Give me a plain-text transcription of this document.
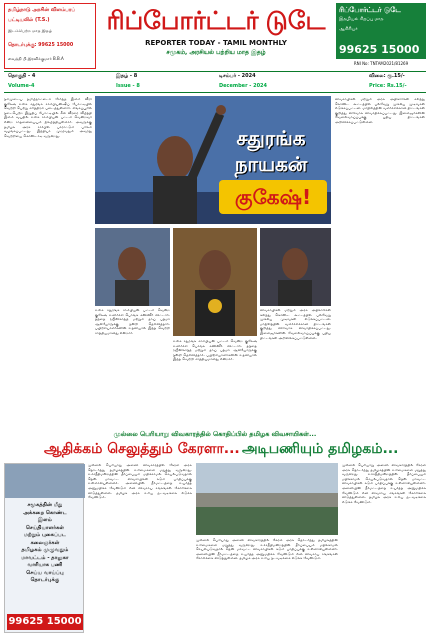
தமிழ்நாடு அரசின் விளம்பரப்
பட்டியலில் (T.S.)
இடம்பெற்ற மாத இதழ்
தொடர்புக்கு: 99625 15000
வைத்தி பி.இரவிக்குமார் B.B.A
ரிப்போர்ட்டர் டுடே
REPORTER TODAY - TAMIL MONTHLY
சமூகம், அரசியல் பற்றிய மாத இதழ்
ரிப்போர்ட்டர் டுடே
இதழியல் சிறப்பு மாத
ஆசிரியர்
99625 15000
RNI No: TNTAM2021/81269
தொகுதி - 4	இதழ் - 8	டிசம்பர் - 2024	விலை: ரூ.15/-
Volume-4	Issue - 8	December - 2024	Price: Rs.15/-
நம்முடைய தமிழ்நாட்டைச் சேர்ந்த இளம் வீரர் குகேஷ் உலக சதுரங்க சாம்பியன்ஷிப் போட்டியில் வெற்றி பெற்று சரித்திரம் படைத்துள்ளார். சிங்கப்பூரில் நடைபெற்ற இறுதிப் போட்டியில் சீன வீரரை வீழ்த்தி இளம் வயதில் உலக சாம்பியன் பட்டம் வென்றவர் என்ற சாதனையையும் நிகழ்த்தியுள்ளார். அவருக்கு தமிழக அரசு சார்பில் பாராட்டும் பரிசும் வழங்கப்பட்டது. இந்தியா முழுவதும் அவரது வெற்றியை கொண்டாடி வருகிறது.	சதுரங்க
நாயகன்
குகேஷ்!
விவசாயிகள் மற்றும் அரசு அதிகாரிகள் கலந்து கொண்ட கூட்டத்தில் பல்வேறு முக்கிய முடிவுகள் எடுக்கப்பட்டன. மாநிலத்தின் வளர்ச்சிக்கான திட்டங்கள் குறித்து விரிவாக விவாதிக்கப்பட்டது. இளைஞர்களின் வேலைவாய்ப்புக்கு புதிய திட்டங்கள் அறிவிக்கப்பட்டுள்ளன.
உலக சதுரங்க சாம்பியன் பட்டம் வென்ற குகேஷ் உணர்ச்சி பொங்க கண்ணீர் விட்டார். தந்தை ரஜினிகாந்த் மற்றும் தாய் பத்மா ஆகியோருக்கு நன்றி தெரிவித்தார். பயிற்சியாளர்களின் உதவியால் இந்த வெற்றி சாத்தியமானது என்றார்.
உலக சதுரங்க சாம்பியன் பட்டம் வென்ற குகேஷ் உணர்ச்சி பொங்க கண்ணீர் விட்டார். தந்தை ரஜினிகாந்த் மற்றும் தாய் பத்மா ஆகியோருக்கு நன்றி தெரிவித்தார். பயிற்சியாளர்களின் உதவியால் இந்த வெற்றி சாத்தியமானது என்றார்.
விவசாயிகள் மற்றும் அரசு அதிகாரிகள் கலந்து கொண்ட கூட்டத்தில் பல்வேறு முக்கிய முடிவுகள் எடுக்கப்பட்டன. மாநிலத்தின் வளர்ச்சிக்கான திட்டங்கள் குறித்து விரிவாக விவாதிக்கப்பட்டது. இளைஞர்களின் வேலைவாய்ப்புக்கு புதிய திட்டங்கள் அறிவிக்கப்பட்டுள்ளன.
முல்லை பெரியாறு விவகாரத்தில் கொதிப்பில் தமிழக விவசாயிகள்...
ஆதிக்கம் செலுத்தும் கேரளா... அடிபணியும் தமிழகம்...
சமூகத்தின் மீது
அக்கறை கொண்ட
இளம்
செய்தியாளர்கள்
மற்றும் புகைப்பட
கலைஞர்கள்
தமிழகம் முழுவதும்
மாவட்டம் - தாலுகா
வாரியாக பணி
செய்ய வாய்ப்பு
தொடர்புக்கு
99625 15000
முல்லை பெரியாறு அணை விவகாரத்தில் கேரள அரசு தொடர்ந்து தமிழகத்தின் உரிமைகளை மறுத்து வருகிறது. உச்சநீதிமன்றத்தின் தீர்ப்பையும் மதிக்காமல் செயல்படுவதால் தென் மாவட்ட விவசாயிகள் கடும் பாதிப்புக்கு உள்ளாகியுள்ளனர். அணையின் நீர்மட்டத்தை உயர்த்த அனுமதிக்க வேண்டும் என விவசாய சங்கங்கள் கோரிக்கை விடுத்துள்ளன. தமிழக அரசு உரிய நடவடிக்கை எடுக்க வேண்டும்.
முல்லை பெரியாறு அணை விவகாரத்தில் கேரள அரசு தொடர்ந்து தமிழகத்தின் உரிமைகளை மறுத்து வருகிறது. உச்சநீதிமன்றத்தின் தீர்ப்பையும் மதிக்காமல் செயல்படுவதால் தென் மாவட்ட விவசாயிகள் கடும் பாதிப்புக்கு உள்ளாகியுள்ளனர். அணையின் நீர்மட்டத்தை உயர்த்த அனுமதிக்க வேண்டும் என விவசாய சங்கங்கள் கோரிக்கை விடுத்துள்ளன. தமிழக அரசு உரிய நடவடிக்கை எடுக்க வேண்டும்.
முல்லை பெரியாறு அணை விவகாரத்தில் கேரள அரசு தொடர்ந்து தமிழகத்தின் உரிமைகளை மறுத்து வருகிறது. உச்சநீதிமன்றத்தின் தீர்ப்பையும் மதிக்காமல் செயல்படுவதால் தென் மாவட்ட விவசாயிகள் கடும் பாதிப்புக்கு உள்ளாகியுள்ளனர். அணையின் நீர்மட்டத்தை உயர்த்த அனுமதிக்க வேண்டும் என விவசாய சங்கங்கள் கோரிக்கை விடுத்துள்ளன. தமிழக அரசு உரிய நடவடிக்கை எடுக்க வேண்டும்.
